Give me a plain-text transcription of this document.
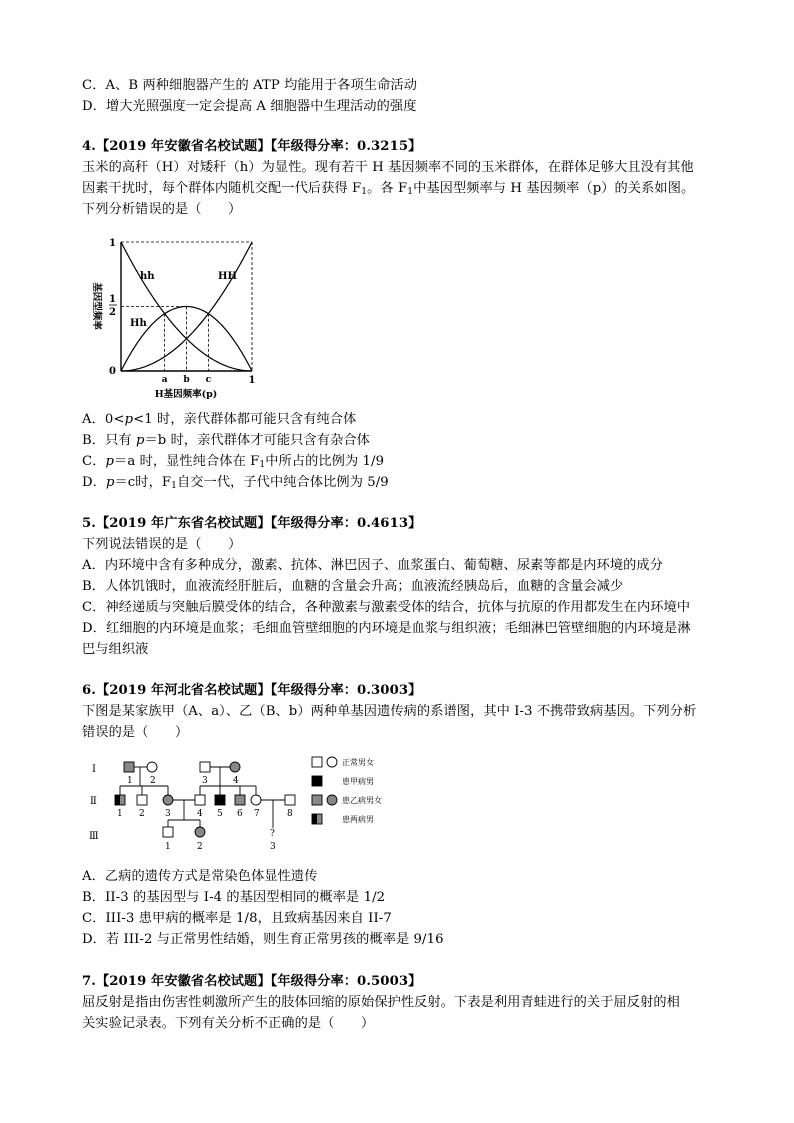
C．A、B 两种细胞器产生的 ATP 均能用于各项生命活动
D．增大光照强度一定会提高 A 细胞器中生理活动的强度
4.【2019 年安徽省名校试题】【年级得分率：0.3215】
玉米的高秆（H）对矮秆（h）为显性。现有若干 H 基因频率不同的玉米群体，在群体足够大且没有其他
因素干扰时，每个群体内随机交配一代后获得 $F_1$。各 $F_1$中基因型频率与 H 基因频率（p）的关系如图。
下列分析错误的是（　　）
1
1
2
0
a b c	1
H基因频率(p)
基因型频率
hh	HH
Hh
A．0<p<1 时，亲代群体都可能只含有纯合体
B．只有 p＝b 时，亲代群体才可能只含有杂合体
C．p＝a 时，显性纯合体在 $F_1$中所占的比例为 1/9
D．p＝c时，$F_1$自交一代，子代中纯合体比例为 5/9
5.【2019 年广东省名校试题】【年级得分率：0.4613】
下列说法错误的是（　　）
A．内环境中含有多种成分，激素、抗体、淋巴因子、血浆蛋白、葡萄糖、尿素等都是内环境的成分
B．人体饥饿时，血液流经肝脏后，血糖的含量会升高；血液流经胰岛后，血糖的含量会减少
C．神经递质与突触后膜受体的结合，各种激素与激素受体的结合，抗体与抗原的作用都发生在内环境中
D．红细胞的内环境是血浆；毛细血管壁细胞的内环境是血浆与组织液；毛细淋巴管壁细胞的内环境是淋
巴与组织液
6.【2019 年河北省名校试题】【年级得分率：0.3003】
下图是某家族甲（A、a）、乙（B、b）两种单基因遗传病的系谱图，其中 I-3 不携带致病基因。下列分析
错误的是（　　）
I
Ⅱ
Ⅲ
1 2	3	4
1 2 3	4 5 6 7	8
?
1	2	3
正常男女
患甲病男
患乙病男女
患两病男
A．乙病的遗传方式是常染色体显性遗传
B．II-3 的基因型与 I-4 的基因型相同的概率是 1/2
C．III-3 患甲病的概率是 1/8，且致病基因来自 II-7
D．若 III-2 与正常男性结婚，则生育正常男孩的概率是 9/16
7.【2019 年安徽省名校试题】【年级得分率：0.5003】
屈反射是指由伤害性刺激所产生的肢体回缩的原始保护性反射。下表是利用青蛙进行的关于屈反射的相
关实验记录表。下列有关分析不正确的是（　　）
